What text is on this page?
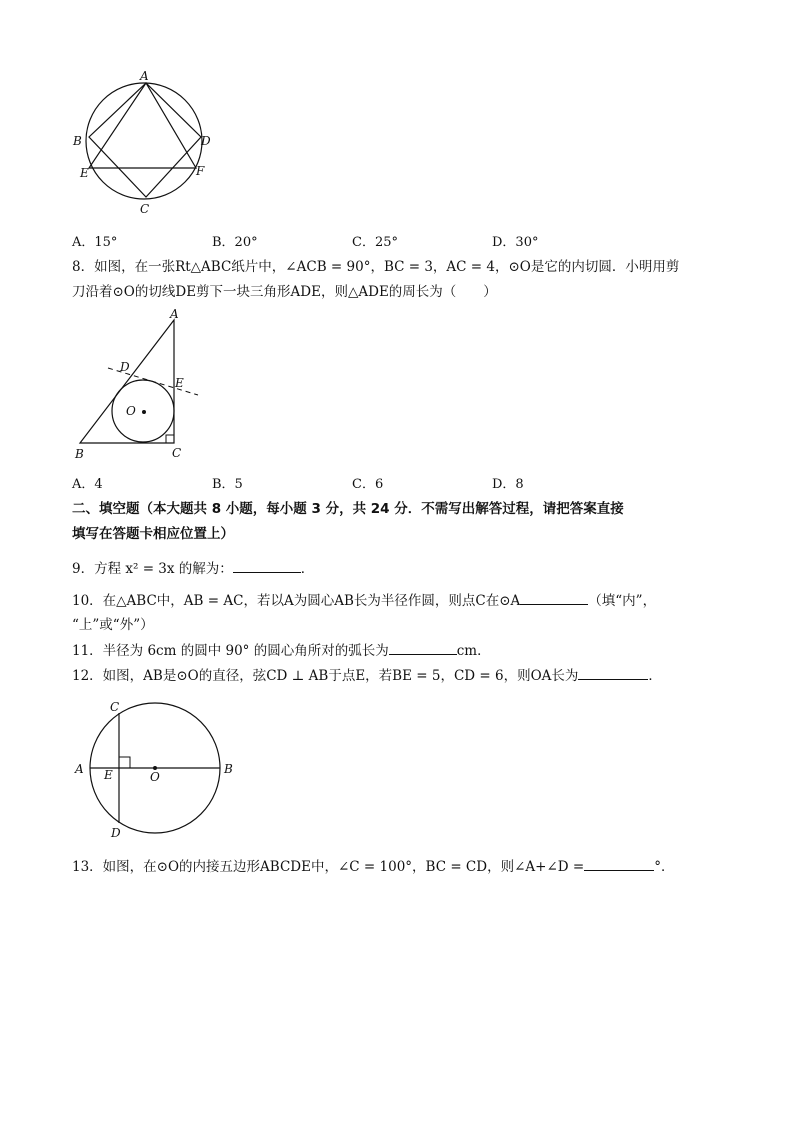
A
B	D
E	F
C
A．15°	B．20°	C．25°	D．30°
8．如图，在一张Rt△ABC纸片中，∠ACB = 90°，BC = 3，AC = 4，⊙O是它的内切圆．小明用剪
刀沿着⊙O的切线DE剪下一块三角形ADE，则△ADE的周长为（　　）
A
D
E
O
B	C
A．4	B．5	C．6	D．8
二、填空题（本大题共 8 小题，每小题 3 分，共 24 分．不需写出解答过程，请把答案直接
填写在答题卡相应位置上）
9．方程 x² = 3x 的解为：	．
10．在△ABC中，AB = AC，若以A为圆心AB长为半径作圆，则点C在⊙A	（填“内”，
“上”或“外”）
11．半径为 6cm 的圆中 90° 的圆心角所对的弧长为	cm．
12．如图，AB是⊙O的直径，弦CD ⊥ AB于点E，若BE = 5，CD = 6，则OA长为	．
C
A E	O
B
D
13．如图，在⊙O的内接五边形ABCDE中，∠C = 100°，BC = CD，则∠A+∠D =	°．
